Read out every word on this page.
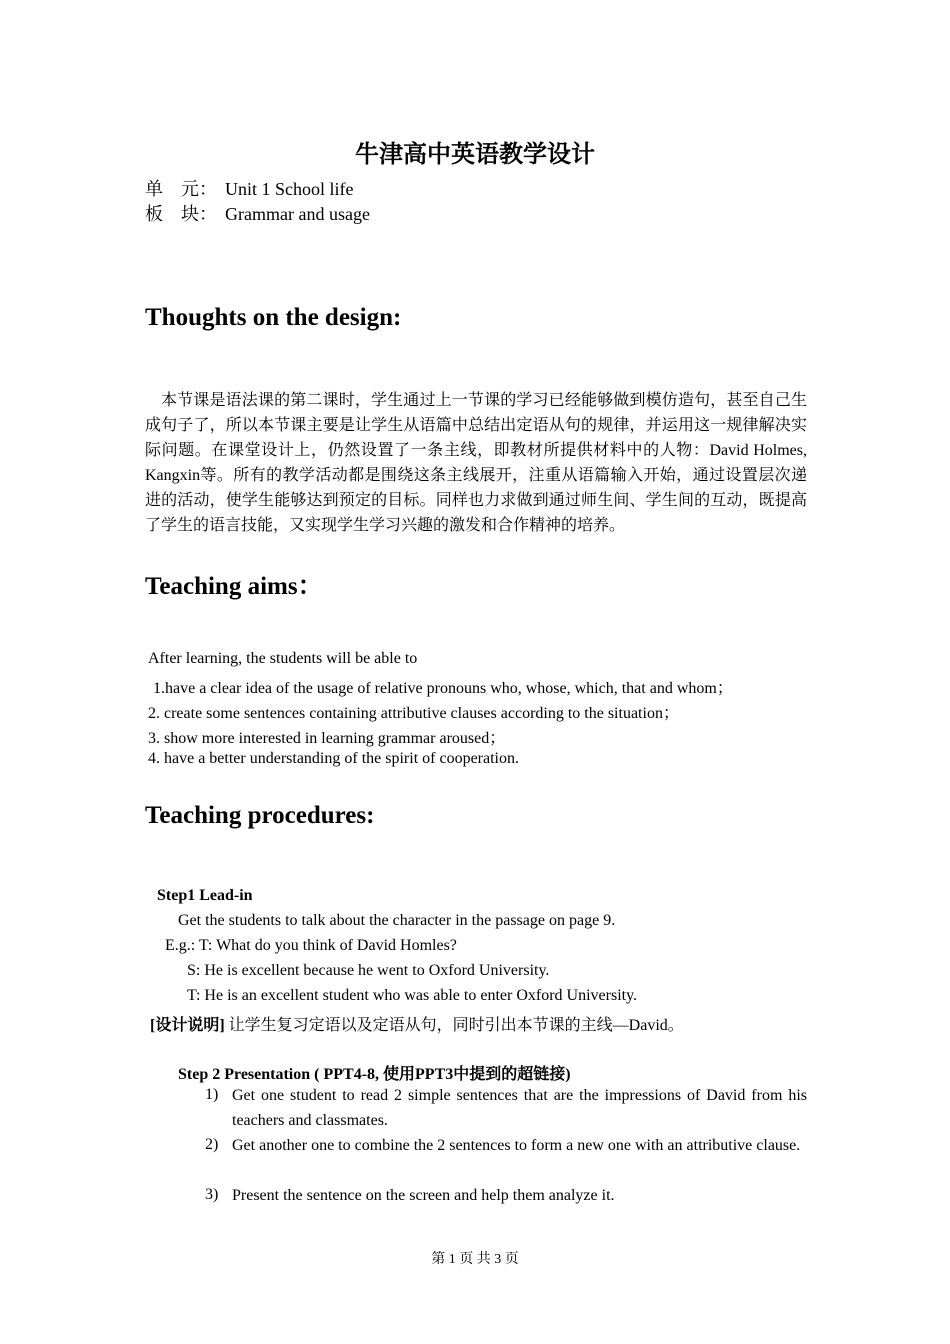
牛津高中英语教学设计
单　元： Unit 1 School life
板　块： Grammar and usage
Thoughts on the design:
本节课是语法课的第二课时，学生通过上一节课的学习已经能够做到模仿造句，甚至自己生成句子了，所以本节课主要是让学生从语篇中总结出定语从句的规律，并运用这一规律解决实际问题。在课堂设计上，仍然设置了一条主线，即教材所提供材料中的人物：David Holmes, Kangxin等。所有的教学活动都是围绕这条主线展开，注重从语篇输入开始，通过设置层次递进的活动，使学生能够达到预定的目标。同样也力求做到通过师生间、学生间的互动，既提高了学生的语言技能，又实现学生学习兴趣的激发和合作精神的培养。
Teaching aims：
After learning, the students will be able to
1.have a clear idea of the usage of relative pronouns who, whose, which, that and whom；
2. create some sentences containing attributive clauses according to the situation；
3. show more interested in learning grammar aroused；
4. have a better understanding of the spirit of cooperation.
Teaching procedures:
Step1 Lead-in
Get the students to talk about the character in the passage on page 9.
E.g.: T: What do you think of David Homles?
S: He is excellent because he went to Oxford University.
T: He is an excellent student who was able to enter Oxford University.
[设计说明] 让学生复习定语以及定语从句，同时引出本节课的主线—David。
Step 2 Presentation ( PPT4-8, 使用PPT3中提到的超链接)
1) Get one student to read 2 simple sentences that are the impressions of David from his teachers and classmates.
2) Get another one to combine the 2 sentences to form a new one with an attributive clause.
3) Present the sentence on the screen and help them analyze it.
第 1 页 共 3 页
